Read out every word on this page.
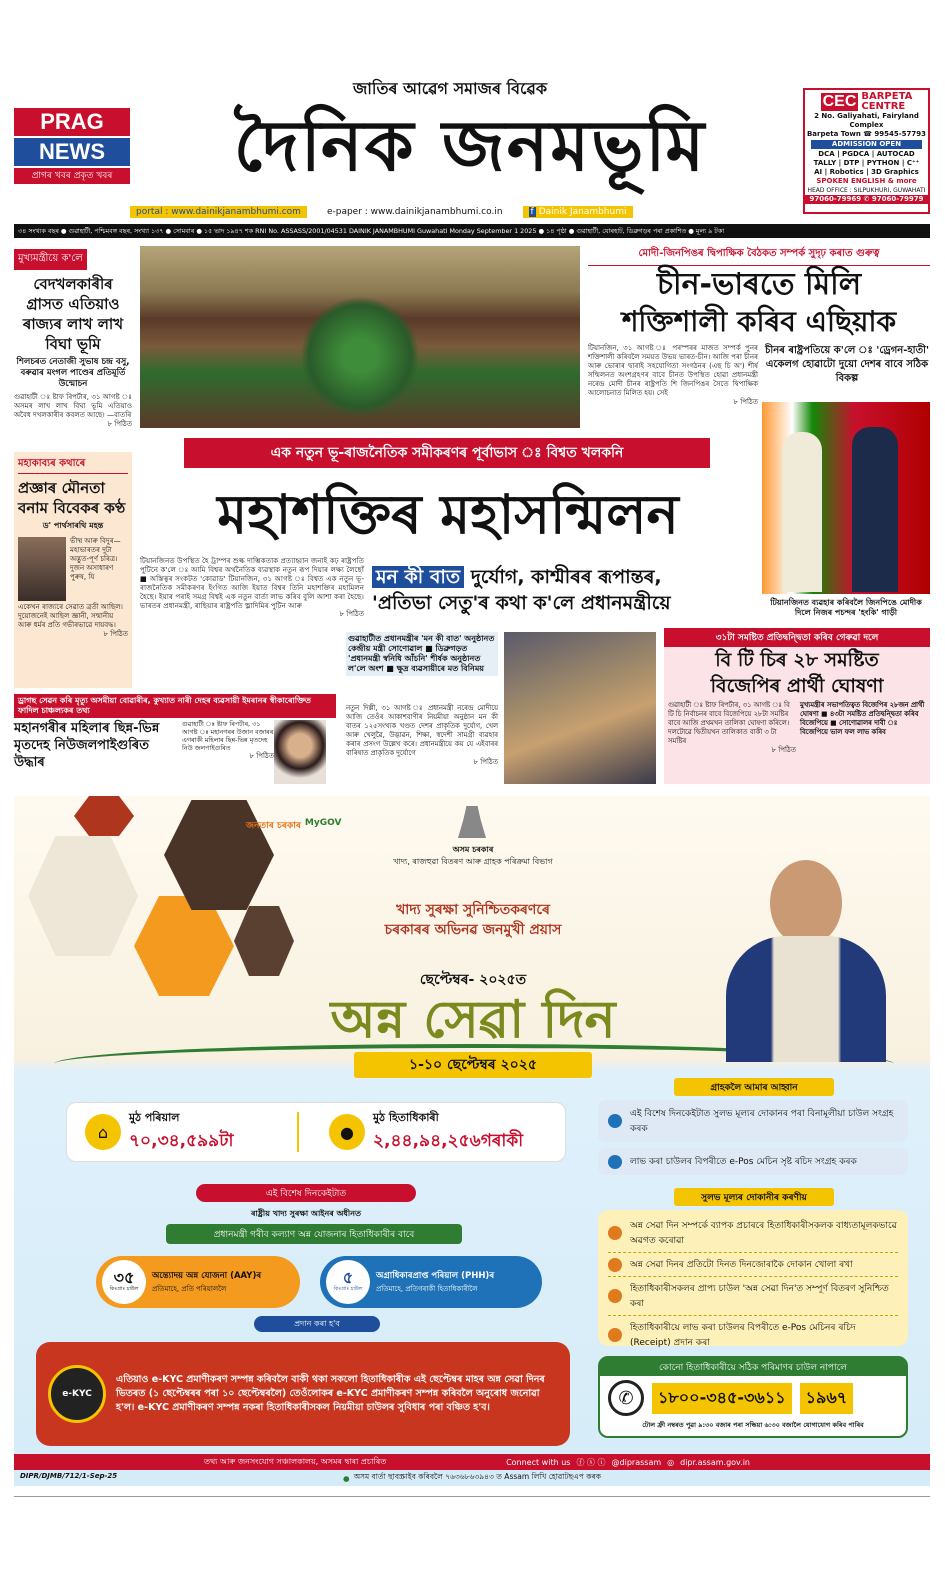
PRAG
NEWS
প্ৰাগৰ খবৰ প্ৰকৃত খবৰ
জাতিৰ আৱেগ সমাজৰ বিৱেক
দৈনিক জনমভূমি
portal : www.dainikjanambhumi.com	e-paper : www.dainikjanambhumi.co.in	f Dainik Janambhumi
CEC BARPETA
CENTRE
2 No. Galiyahati, Fairyland Complex
Barpeta Town ☎ 99545-57793
ADMISSION OPEN
DCA | PGDCA | AUTOCAD
TALLY | DTP | PYTHON | C⁺⁺
AI | Robotics | 3D Graphics
SPOKEN ENGLISH & more
HEAD OFFICE : SILPUKHURI, GUWAHATI
97060-79969 ✆ 97060-79979
৩৪ সংখ্যক বছৰ ● গুৱাহাটী, পশ্চিমবঙ্গ বছৰ, সংখ্যা ১৩৭ ● সোমবাৰ ● ১৫ ভাদ ১৯৪৭ শক RNI No. ASSASS/2001/04531 DAINIK JANAMBHUMI Guwahati Monday September 1 2025 ● ১৪ পৃষ্ঠা ● গুৱাহাটী, যোৰহাট, ডিব্ৰুগড়ৰ পৰা প্ৰকাশিত ● মূল্য ৯ টকা
মুখ্যমন্ত্ৰীয়ে ক'লে
বেদখলকাৰীৰ গ্ৰাসত এতিয়াও ৰাজ্যৰ লাখ লাখ বিঘা ভূমি
শিলচৰত নেতাজী সুভাষ চন্দ্ৰ বসু, বৰুৱাৰ মংগল পাণ্ডেৰ প্ৰতিমূৰ্তি উন্মোচন
গুৱাহাটী ঃ ষ্টাফ ৰিপৰ্টাৰ, ৩১ আগষ্ট ঃ অসমৰ লাখ লাখ বিঘা ভূমি এতিয়াও অবৈধ দখলকাৰীৰ কবলত আছে। —বাতৰি
৮ পিঠিত
মহাকাব্যৰ কথাৰে
প্ৰজ্ঞাৰ মৌনতা বনাম বিবেকৰ কণ্ঠ
ড' পাৰ্থসাৰথি মহন্ত
ভীষ্ম আৰু বিদুৰ— মহাভাৰতৰ দুটা অদ্ভুত-পূৰ্ণ চৰিত্ৰ। দুজন অসাধাৰণ পুৰুষ, যি
একেখন ৰাজ্যৰে সেৱাত ব্ৰতী আছিল। দুয়োজনেই আছিল জ্ঞানী, সন্মানীয় আৰু ধৰ্মৰ প্ৰতি গভীৰভাৱে দায়বদ্ধ।
৮ পিঠিত
মোদী-জিনপিঙৰ দ্বিপাক্ষিক বৈঠকত সম্পৰ্ক সুদৃঢ় কৰাত গুৰুত্ব
চীন-ভাৰতে মিলি
শক্তিশালী কৰিব এছিয়াক
টিয়ানজিন, ৩১ আগষ্ট ঃ পৰস্পৰৰ মাজত সম্পৰ্ক পুনৰ শক্তিশালী কৰিবলৈ সময়ত উভয় ভাৰত-চীন। আজি পৰা চীনৰ আৰু ভোৰাৰ দ্বাৰাই সহযোগিতা সংগঠনৰ (এছ চি অ') শীৰ্ষ সন্মিলনত অংশগ্ৰহণৰ বাবে চীনত উপস্থিত হোৱা প্ৰধানমন্ত্ৰী নৰেন্দ্ৰ মোদী চীনৰ ৰাষ্ট্ৰপতি শি জিনপিঙৰ সৈতে দ্বিপাক্ষিক আলোচনাত মিলিত হয়। সেই
৮ পিঠিত
চীনৰ ৰাষ্ট্ৰপতিয়ে ক'লে ঃ 'ড্ৰেগন-হাতী' একেলগ হোৱাটো দুয়ো দেশৰ বাবে সঠিক বিকল্প
টিয়ানজিনত ব্যৱহাৰ কৰিবলৈ জিনপিঙে মোদীক দিলে নিজৰ পচন্দৰ 'হংকি' গাড়ী
এক নতুন ভূ-ৰাজনৈতিক সমীকৰণৰ পূৰ্বাভাস ঃ বিশ্বত খলকনি
মহাশক্তিৰ মহাসন্মিলন
টিয়ানজিনত উপস্থিত হৈ ট্ৰাম্পৰ শুল্ক দাম্ভিকতাক প্ৰত্যাহ্বান জনাই কঢ় ৰাষ্ট্ৰপতি পুটিনে ক'লে ঃ আমি বিশ্বৰ অৰ্থনৈতিক ব্যৱস্থাক নতুন ৰূপ দিয়াৰ লক্ষ্য লৈছোঁ ■ অস্তিত্বৰ সংকটত 'কোৱাড' টিয়ানজিন, ৩১ আগষ্ট ঃ বিশ্বত এক নতুন ভূ-ৰাজনৈতিক সমীকৰণৰ ইংগিত আজি ইয়াত বিশ্বৰ তিনি মহাশক্তিৰ মহামিলন হৈছে। ইয়াৰ পৰাই সমগ্ৰ বিশ্বই এক নতুন বাৰ্তা লাভ কৰিব বুলি আশা কৰা হৈছে। ভাৰতৰ প্ৰধানমন্ত্ৰী, ৰাছিয়াৰ ৰাষ্ট্ৰপতি ভ্লাদিমিৰ পুটিন আৰু
৮ পিঠিত
মন কী বাত দুৰ্যোগ, কাশ্মীৰৰ ৰূপান্তৰ,
'প্ৰতিভা সেতু'ৰ কথা ক'লে প্ৰধানমন্ত্ৰীয়ে
গুৱাহাটীত প্ৰধানমন্ত্ৰীৰ 'মন কী বাত' অনুষ্ঠানত কেন্দ্ৰীয় মন্ত্ৰী সোণোৱাল ■ ডিব্ৰুগড়ত 'প্ৰধানমন্ত্ৰী স্বনিধি আঁচনি' শীৰ্ষক অনুষ্ঠানত ল'লে অংশ ■ ক্ষুদ্ৰ ব্যৱসায়ীৰে মত বিনিময়
নতুন দিল্লী, ৩১ আগষ্ট ঃ প্ৰধানমন্ত্ৰী নৰেন্দ্ৰ মোদীয়ে আজি তেওঁৰ আকাশবাণীৰ নিয়মীয়া অনুষ্ঠান মন কী বাতৰ ১২৫সংখ্যক খণ্ডত দেশৰ প্ৰাকৃতিক দুৰ্যোগ, খেল আৰু খেলুৱৈ, উদ্ভাৱন, শিক্ষা, স্বদেশী সামগ্ৰী ব্যৱহাৰ কৰাৰ প্ৰসংগ উল্লেখ কৰে। প্ৰধানমন্ত্ৰীয়ে কয় যে এইবাৰৰ বাৰিষাত প্ৰাকৃতিক দুৰ্যোগে
৮ পিঠিত
৩১টা সমষ্টিত প্ৰতিদ্বন্দ্বিতা কৰিব গেৰুৱা দলে
বি টি চিৰ ২৮ সমষ্টিত
বিজেপিৰ প্ৰাৰ্থী ঘোষণা
গুৱাহাটী ঃ ষ্টাফ ৰিপৰ্টাৰ, ৩১ আগষ্ট ঃ বি টি চি নিৰ্বাচনৰ বাবে বিজেপিয়ে ২৮টা সমষ্টিৰ বাবে আজি প্ৰথমখন তালিকা ঘোষণা কৰিলে। দলটোৱে দ্বিতীয়খন তালিকাত বাকী ৩ টা সমষ্টিৰ
৮ পিঠিত
মুখ্যমন্ত্ৰীৰ সভাপতিত্বত বিজেপিৰ ২৮জন প্ৰাৰ্থী ঘোষণা ■ ৪৩টা সমষ্টিত প্ৰতিদ্বন্দ্বিতা কৰিব বিজেপিয়ে ■ সোণোৱালৰ দাবী ঃ বিজেপিয়ে ভাল ফল লাভ কৰিব
ড্ৰাগছ সেৱন কৰি মৃত্যু অসমীয়া বোৱাৰীৰ, কুখ্যাত নাৰী দেহৰ ব্যৱসায়ী ইমৰানৰ স্বীকাৰোক্তিত ফাদিল চাঞ্চল্যকৰ তথ্য
মহানগৰীৰ মহিলাৰ ছিন্ন-ভিন্ন মৃতদেহ নিউজলপাইগুৰিত উদ্ধাৰ
গুৱাহাটী ঃ ষ্টাফ ৰিপৰ্টাৰ, ৩১ আগষ্ট ঃ মহানগৰৰ উজান বজাৰৰ এগৰাকী মহিলাৰ ছিন্ন-ভিন্ন মৃতদেহ নিউ জলপাইগুৰিত
৮ পিঠিত
জনতাৰ চৰকাৰ MyGOV
অসম চৰকাৰ
খাদ্য, ৰাজহুৱা বিতৰণ আৰু গ্ৰাহক পৰিক্ৰমা বিভাগ
খাদ্য সুৰক্ষা সুনিশ্চিতকৰণৰে
চৰকাৰৰ অভিনৱ জনমুখী প্ৰয়াস
ছেপ্টেম্বৰ- ২০২৫ত
অন্ন সেৱা দিন
১-১০ ছেপ্টেম্বৰ ২০২৫
⌂
মুঠ পৰিয়াল
৭০,৩৪,৫৯৯টা	●
মুঠ হিতাধিকাৰী
২,৪৪,৯৪,২৫৬গৰাকী
এই বিশেষ দিনকেইটাত
ৰাষ্ট্ৰীয় খাদ্য সুৰক্ষা আইনৰ অধীনত
প্ৰধানমন্ত্ৰী গৰীব কল্যাণ অন্ন যোজনাৰ হিতাধিকাৰীৰ বাবে
৩৫
কিঃগ্ৰাঃ চাউল
অন্ত্যোদয় অন্ন যোজনা (AAY)ৰ
প্ৰতিমাহে, প্ৰতি পৰিয়াললৈ
৫
কিঃগ্ৰাঃ চাউল
অগ্ৰাধিকাৰপ্ৰাপ্ত পৰিয়াল (PHH)ৰ
প্ৰতিমাহে, প্ৰতিগৰাকী হিতাধিকাৰীলৈ
প্ৰদান কৰা হ'ব
e-KYC
এতিয়াও e-KYC প্ৰমাণীকৰণ সম্পন্ন কৰিবলৈ বাকী থকা সকলো হিতাধিকাৰীক এই ছেপ্টেম্বৰ মাহৰ অন্ন সেৱা দিনৰ ভিতৰত (১ ছেপ্টেম্বৰৰ পৰা ১০ ছেপ্টেম্বৰলৈ) তেওঁলোকৰ e-KYC প্ৰমাণীকৰণ সম্পন্ন কৰিবলৈ অনুৰোধ জনোৱা হ'ল। e-KYC প্ৰমাণীকৰণ সম্পন্ন নকৰা হিতাধিকাৰীসকল নিয়মীয়া চাউলৰ সুবিধাৰ পৰা বঞ্চিত হ'ব।
গ্ৰাহকলৈ আমাৰ আহ্বান
এই বিশেষ দিনকেইটাত সুলভ মূল্যৰ দোকানৰ পৰা বিনামূলীয়া চাউল সংগ্ৰহ কৰক
লাভ কৰা চাউলৰ বিপৰীতে e-Pos মেচিন সৃষ্ট ৰচিদ সংগ্ৰহ কৰক
সুলভ মূল্যৰ দোকানীৰ কৰণীয়
অন্ন সেৱা দিন সম্পৰ্কে ব্যাপক প্ৰচাৰৰে হিতাধিকাৰীসকলক বাধ্যতামূলকভাৱে অৱগত কৰোৱা
অন্ন সেৱা দিনৰ প্ৰতিটো দিনত দিনজোৰাকৈ দোকান খোলা ৰখা
হিতাধিকাৰীসকলৰ প্ৰাপ্য চাউল 'অন্ন সেৱা দিন'ত সম্পূৰ্ণ বিতৰণ সুনিশ্চিত কৰা
হিতাধিকাৰীয়ে লাভ কৰা চাউলৰ বিপৰীতে e-Pos মেচিনৰ ৰচিদ (Receipt) প্ৰদান কৰা
কোনো হিতাধিকাৰীয়ে সঠিক পৰিমাণৰ চাউল নাপালে
✆	১৮০০-৩৪৫-৩৬১১	১৯৬৭
টোল ফ্ৰী নম্বৰত পুৱা ৯:৩০ বজাৰ পৰা সন্ধিয়া ৬:৩০ বজালৈ যোগাযোগ কৰিব পাৰিব
তথ্য আৰু জনসংযোগ সঞ্চালকালয়, অসমৰ দ্বাৰা প্ৰচাৰিত	Connect with us ⓕ ⓧ ⓘ @diprassam ◎ dipr.assam.gov.in
● অসম বাৰ্তা ছাবস্ক্ৰাইব কৰিবলৈ ৭৬৩৬৮৬৩৯৪৩ ত Assam লিখি হোৱাটছএপ কৰক
DIPR/DJMB/712/1-Sep-25
